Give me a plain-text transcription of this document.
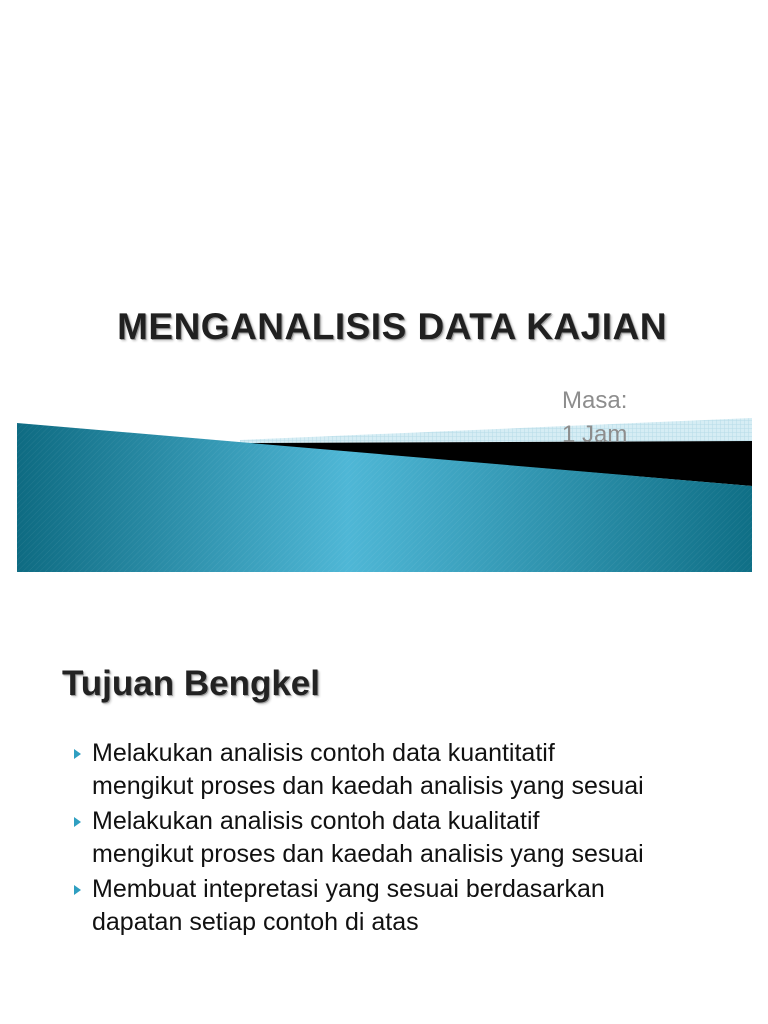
MENGANALISIS DATA KAJIAN
Masa:
1 Jam
Tujuan Bengkel
Melakukan analisis contoh data kuantitatif
mengikut proses dan kaedah analisis yang sesuai
Melakukan analisis contoh data kualitatif
mengikut proses dan kaedah analisis yang sesuai
Membuat intepretasi yang sesuai berdasarkan
dapatan setiap contoh di atas
